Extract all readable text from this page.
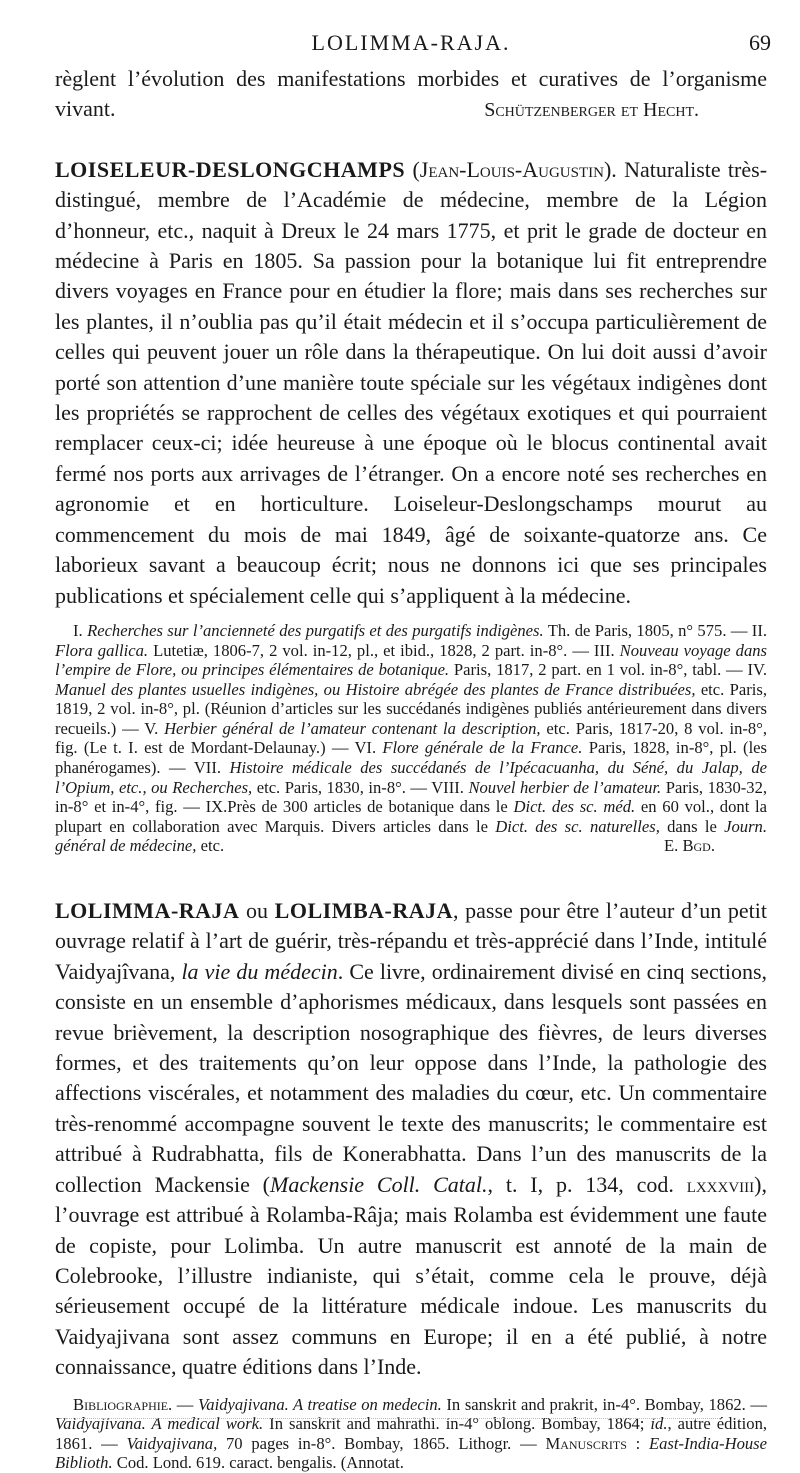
LOLIMMA-RAJA.	69

règlent l’évolution des manifestations morbides et curatives de l’organisme vivant.	Schützenberger et Hecht.

LOISELEUR-DESLONGCHAMPS (Jean-Louis-Augustin). Naturaliste très-distingué, membre de l’Académie de médecine, membre de la Légion d’honneur, etc., naquit à Dreux le 24 mars 1775, et prit le grade de docteur en médecine à Paris en 1805. Sa passion pour la botanique lui fit entreprendre divers voyages en France pour en étudier la flore; mais dans ses recherches sur les plantes, il n’oublia pas qu’il était médecin et il s’occupa particulièrement de celles qui peuvent jouer un rôle dans la thérapeutique. On lui doit aussi d’avoir porté son attention d’une manière toute spéciale sur les végétaux indigènes dont les propriétés se rapprochent de celles des végétaux exotiques et qui pourraient remplacer ceux-ci; idée heureuse à une époque où le blocus continental avait fermé nos ports aux arrivages de l’étranger. On a encore noté ses recherches en agronomie et en horticulture. Loiseleur-Deslongschamps mourut au commencement du mois de mai 1849, âgé de soixante-quatorze ans. Ce laborieux savant a beaucoup écrit; nous ne donnons ici que ses principales publications et spécialement celle qui s’appliquent à la médecine.

I. Recherches sur l’ancienneté des purgatifs et des purgatifs indigènes. Th. de Paris, 1805, n° 575. — II. Flora gallica. Lutetiæ, 1806-7, 2 vol. in-12, pl., et ibid., 1828, 2 part. in-8°. — III. Nouveau voyage dans l’empire de Flore, ou principes élémentaires de botanique. Paris, 1817, 2 part. en 1 vol. in-8°, tabl. — IV. Manuel des plantes usuelles indigènes, ou Histoire abrégée des plantes de France distribuées, etc. Paris, 1819, 2 vol. in-8°, pl. (Réunion d’articles sur les succédanés indigènes publiés antérieurement dans divers recueils.) — V. Herbier général de l’amateur contenant la description, etc. Paris, 1817-20, 8 vol. in-8°, fig. (Le t. I. est de Mordant-Delaunay.) — VI. Flore générale de la France. Paris, 1828, in-8°, pl. (les phanérogames). — VII. Histoire médicale des succédanés de l’Ipécacuanha, du Séné, du Jalap, de l’Opium, etc., ou Recherches, etc. Paris, 1830, in-8°. — VIII. Nouvel herbier de l’amateur. Paris, 1830-32, in-8° et in-4°, fig. — IX.Près de 300 articles de botanique dans le Dict. des sc. méd. en 60 vol., dont la plupart en collaboration avec Marquis. Divers articles dans le Dict. des sc. naturelles, dans le Journ. général de médecine, etc.	E. Bgd.

LOLIMMA-RAJA ou LOLIMBA-RAJA, passe pour être l’auteur d’un petit ouvrage relatif à l’art de guérir, très-répandu et très-apprécié dans l’Inde, intitulé Vaidyajîvana, la vie du médecin. Ce livre, ordinairement divisé en cinq sections, consiste en un ensemble d’aphorismes médicaux, dans lesquels sont passées en revue brièvement, la description nosographique des fièvres, de leurs diverses formes, et des traitements qu’on leur oppose dans l’Inde, la pathologie des affections viscérales, et notamment des maladies du cœur, etc. Un commentaire très-renommé accompagne souvent le texte des manuscrits; le commentaire est attribué à Rudrabhatta, fils de Konerabhatta. Dans l’un des manuscrits de la collection Mackensie (Mackensie Coll. Catal., t. I, p. 134, cod. lxxxviii), l’ouvrage est attribué à Rolamba-Râja; mais Rolamba est évidemment une faute de copiste, pour Lolimba. Un autre manuscrit est annoté de la main de Colebrooke, l’illustre indianiste, qui s’était, comme cela le prouve, déjà sérieusement occupé de la littérature médicale indoue. Les manuscrits du Vaidyajivana sont assez communs en Europe; il en a été publié, à notre connaissance, quatre éditions dans l’Inde.

Bibliographie. — Vaidyajivana. A treatise on medecin. In sanskrit and prakrit, in-4°. Bombay, 1862. — Vaidyajivana. A medical work. In sanskrit and mahrathi. in-4° oblong. Bombay, 1864; id., autre édition, 1861. — Vaidyajivana, 70 pages in-8°. Bombay, 1865. Lithogr. — Manuscrits : East-India-House Biblioth. Cod. Lond. 619. caract. bengalis. (Annotat.
